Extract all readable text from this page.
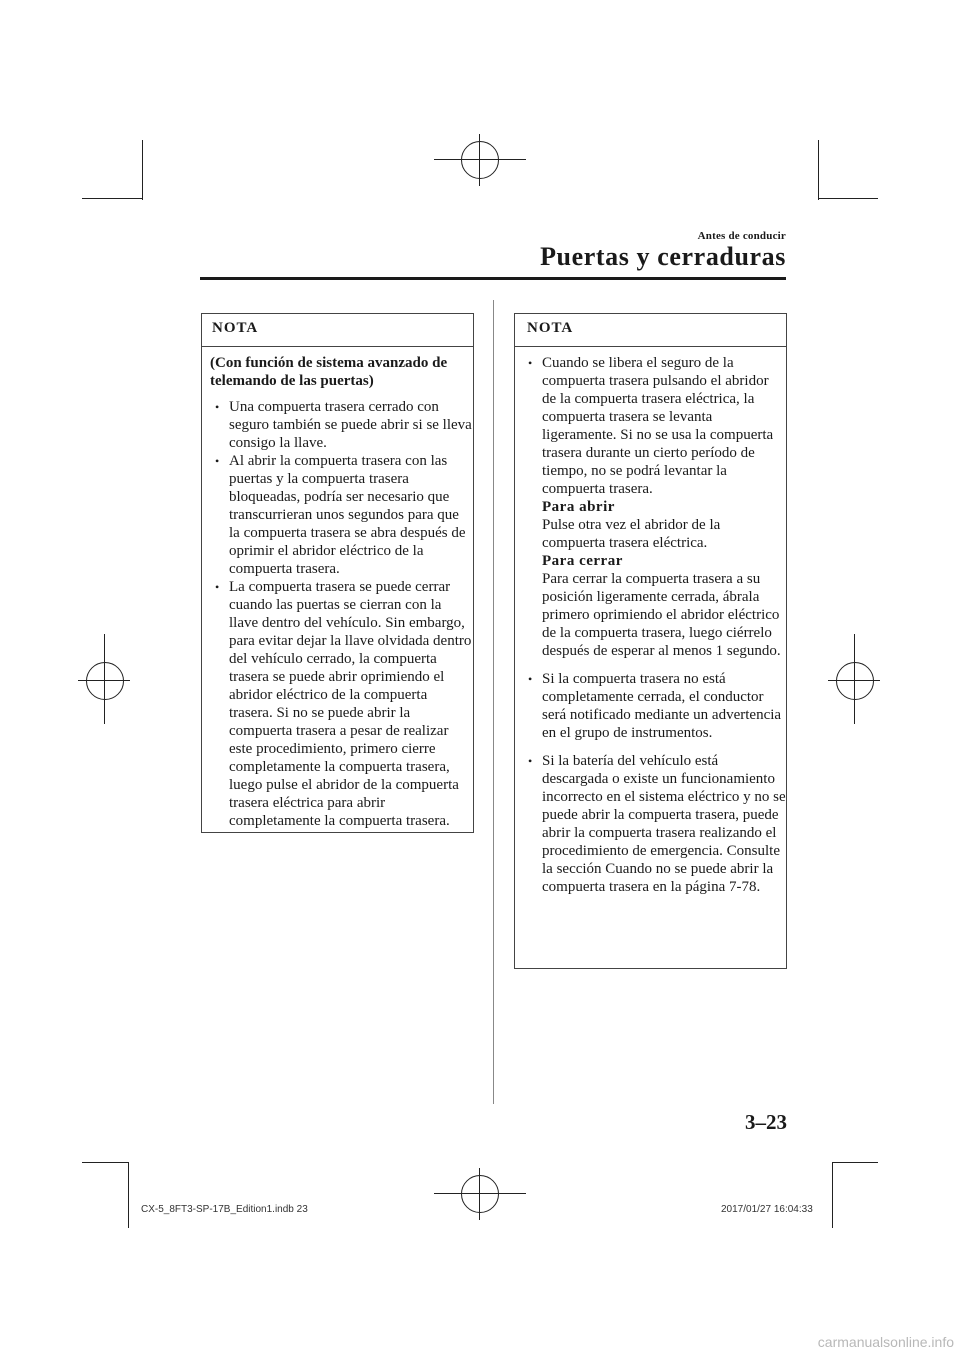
Antes de conducir
Puertas y cerraduras
NOTA
(Con función de sistema avanzado de telemando de las puertas)
• Una compuerta trasera cerrado con seguro también se puede abrir si se lleva consigo la llave.
• Al abrir la compuerta trasera con las puertas y la compuerta trasera bloqueadas, podría ser necesario que transcurrieran unos segundos para que la compuerta trasera se abra después de oprimir el abridor eléctrico de la compuerta trasera.
• La compuerta trasera se puede cerrar cuando las puertas se cierran con la llave dentro del vehículo. Sin embargo, para evitar dejar la llave olvidada dentro del vehículo cerrado, la compuerta trasera se puede abrir oprimiendo el abridor eléctrico de la compuerta trasera. Si no se puede abrir la compuerta trasera a pesar de realizar este procedimiento, primero cierre completamente la compuerta trasera, luego pulse el abridor de la compuerta trasera eléctrica para abrir completamente la compuerta trasera.
NOTA
• Cuando se libera el seguro de la compuerta trasera pulsando el abridor de la compuerta trasera eléctrica, la compuerta trasera se levanta ligeramente. Si no se usa la compuerta trasera durante un cierto período de tiempo, no se podrá levantar la compuerta trasera.
Para abrir
Pulse otra vez el abridor de la compuerta trasera eléctrica.
Para cerrar
Para cerrar la compuerta trasera a su posición ligeramente cerrada, ábrala primero oprimiendo el abridor eléctrico de la compuerta trasera, luego ciérrelo después de esperar al menos 1 segundo.
• Si la compuerta trasera no está completamente cerrada, el conductor será notificado mediante un advertencia en el grupo de instrumentos.
• Si la batería del vehículo está descargada o existe un funcionamiento incorrecto en el sistema eléctrico y no se puede abrir la compuerta trasera, puede abrir la compuerta trasera realizando el procedimiento de emergencia. Consulte la sección Cuando no se puede abrir la compuerta trasera en la página 7-78.
3–23
CX-5_8FT3-SP-17B_Edition1.indb 23	2017/01/27 16:04:33
carmanualsonline.info
